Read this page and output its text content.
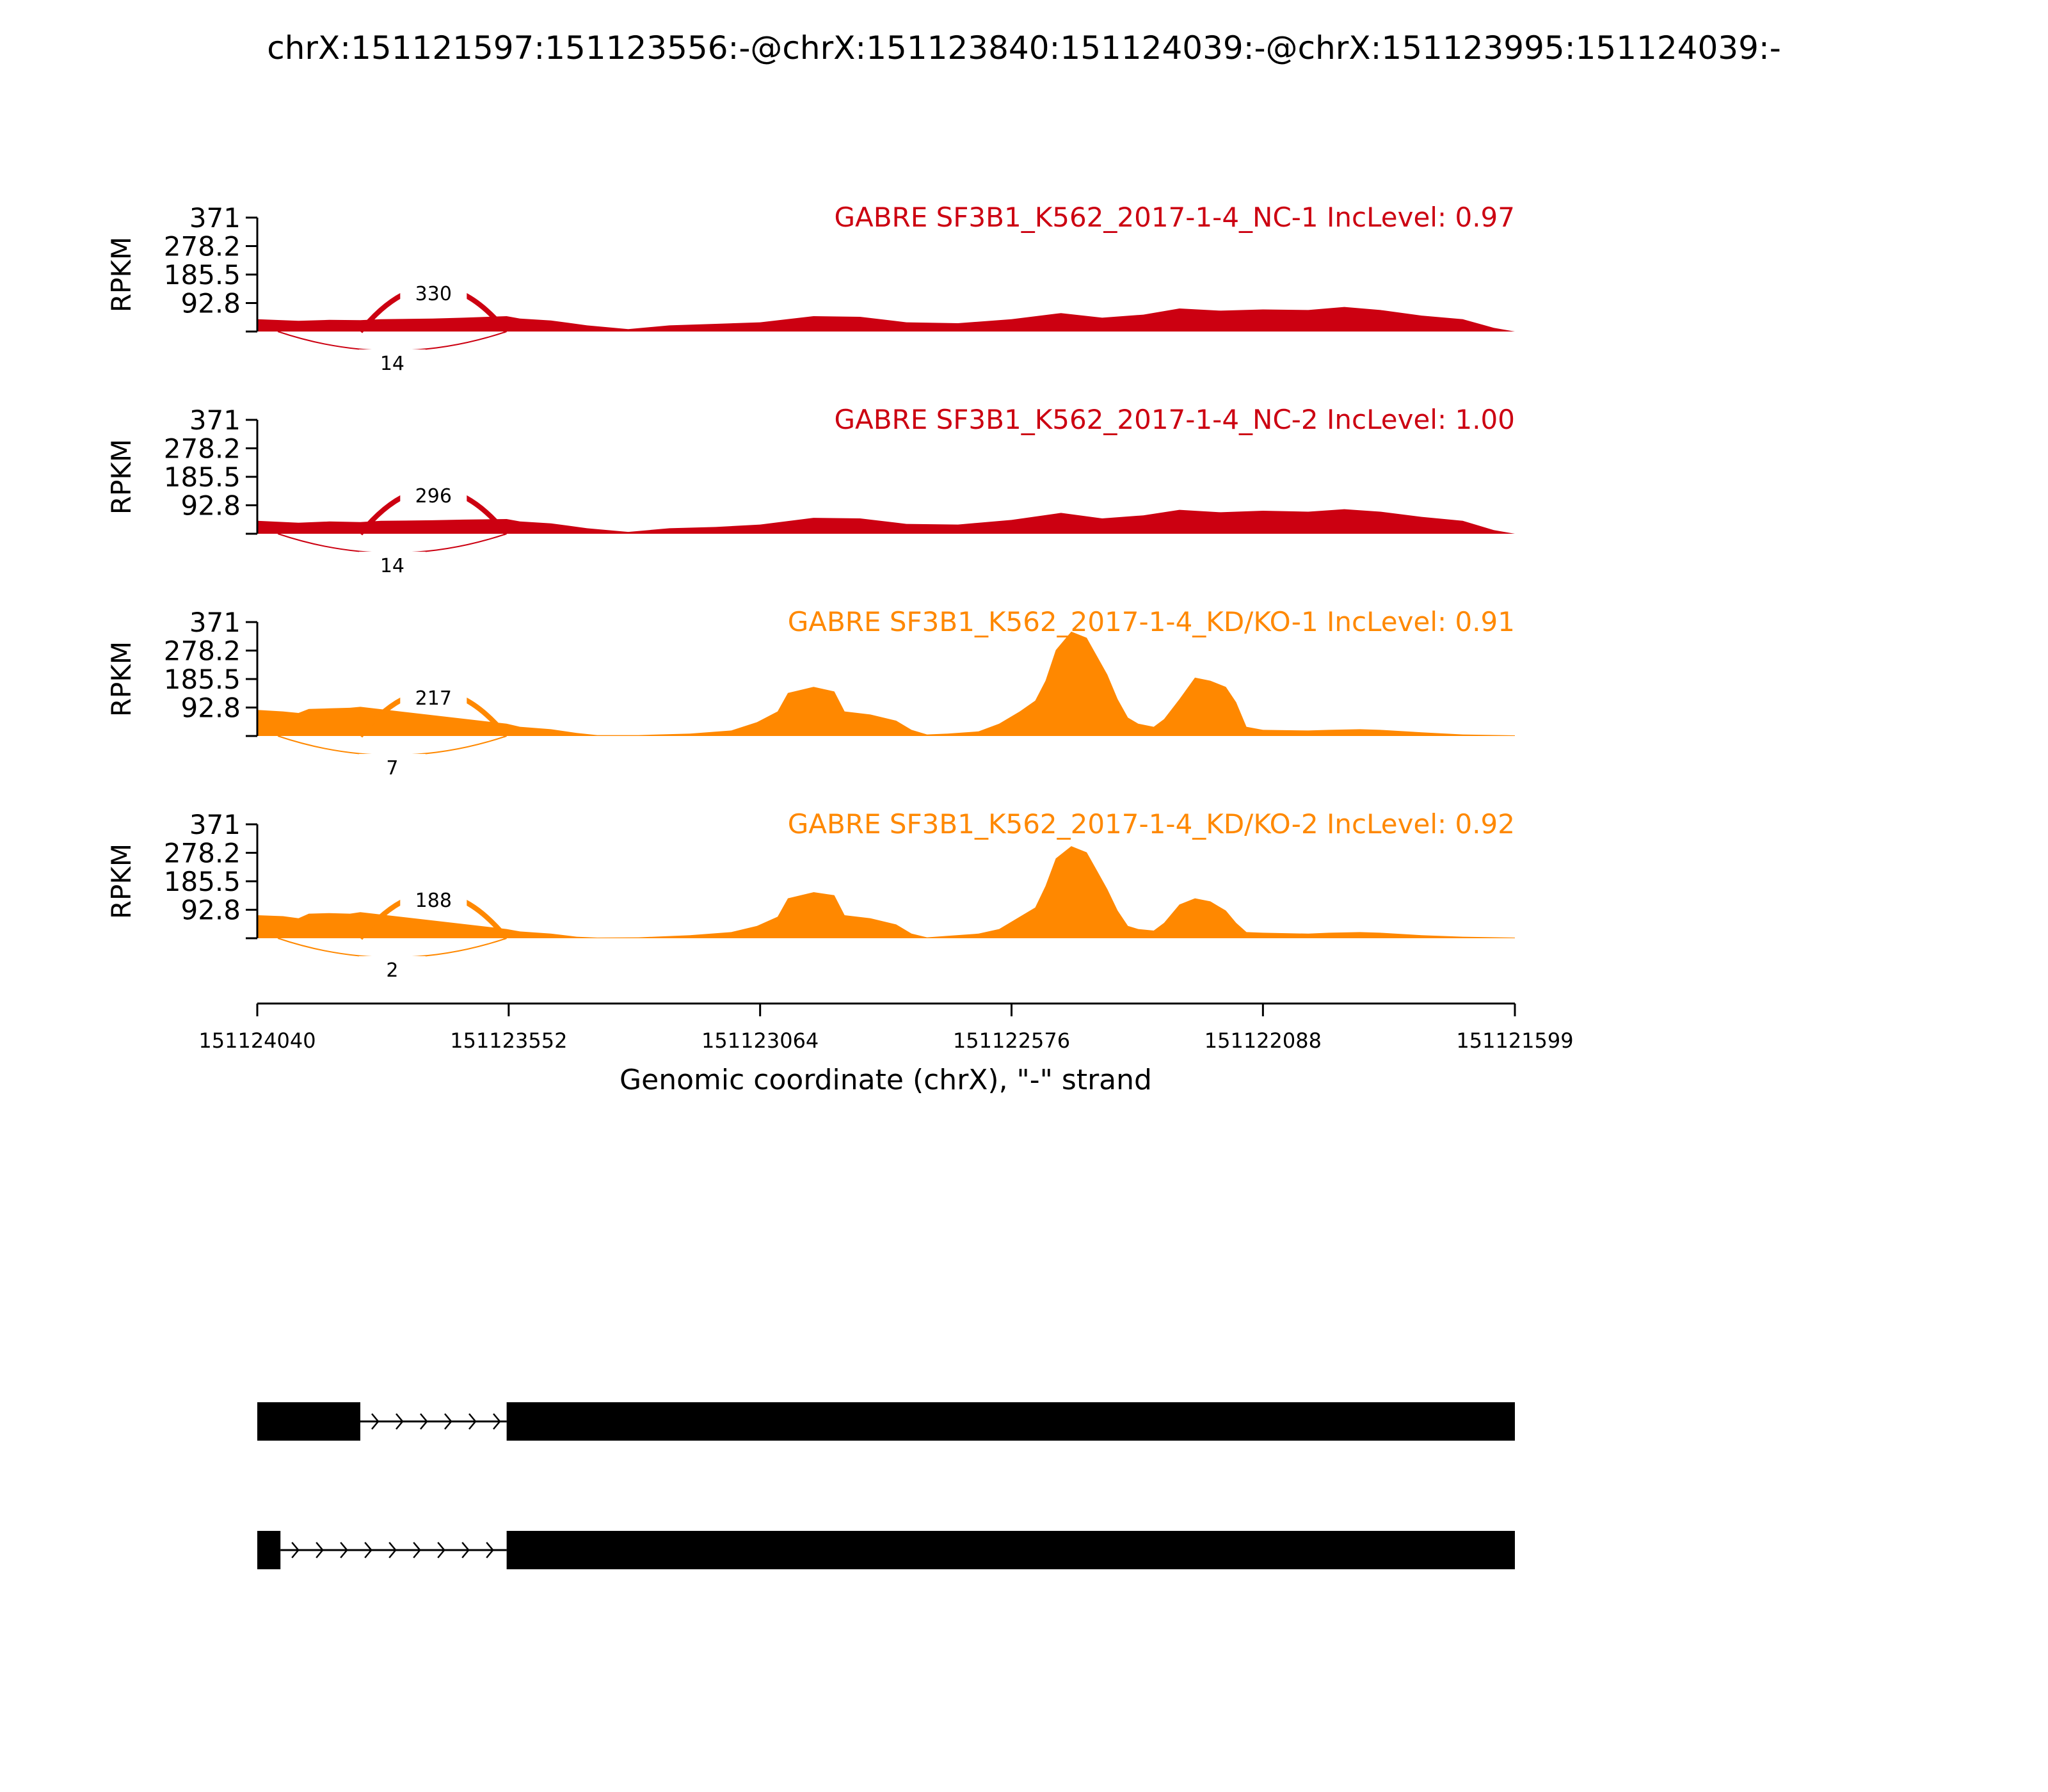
chrX:151121597:151123556:-@chrX:151123840:151124039:-@chrX:151123995:151124039:-
92.8
185.5
278.2
371
RPKM
GABRE SF3B1_K562_2017-1-4_NC-1 IncLevel: 0.97
330
14
92.8
185.5
278.2
371
RPKM
GABRE SF3B1_K562_2017-1-4_NC-2 IncLevel: 1.00
296
14
92.8
185.5
278.2
371
RPKM
GABRE SF3B1_K562_2017-1-4_KD/KO-1 IncLevel: 0.91
217
7
92.8
185.5
278.2
371
RPKM
GABRE SF3B1_K562_2017-1-4_KD/KO-2 IncLevel: 0.92
188
2
151124040	151123552	151123064	151122576	151122088	151121599
Genomic coordinate (chrX), "-" strand
